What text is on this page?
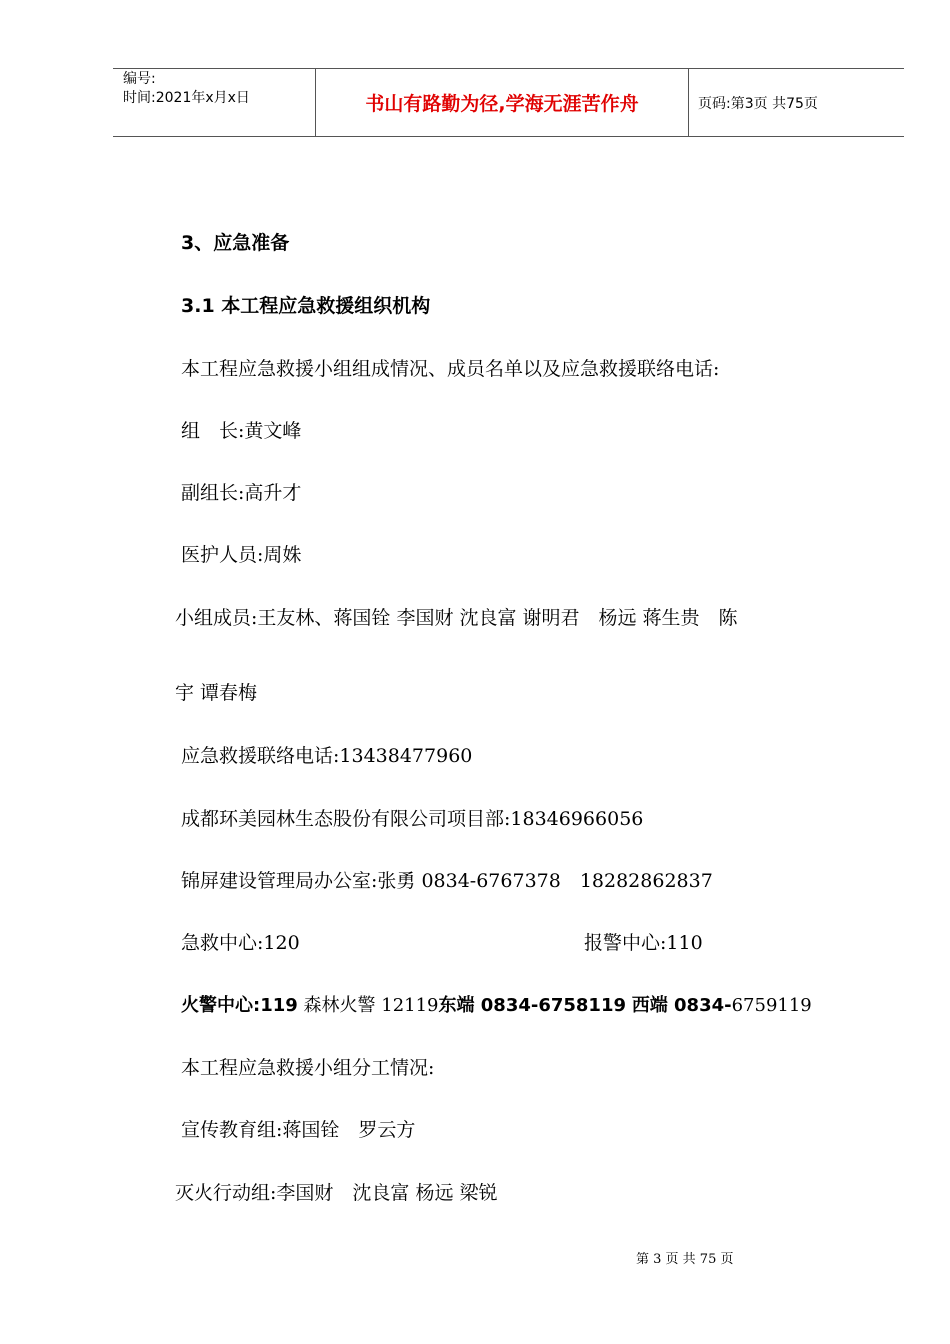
编号:
时间:2021年x月x日	书山有路勤为径,学海无涯苦作舟	页码:第3页 共75页
3、应急准备
3.1 本工程应急救援组织机构
本工程应急救援小组组成情况、成员名单以及应急救援联络电话:
组　长:黄文峰
副组长:高升才
医护人员:周姝
小组成员:王友林、蒋国铨 李国财 沈良富 谢明君　杨远 蒋生贵　陈
宇 谭春梅
应急救援联络电话:13438477960
成都环美园林生态股份有限公司项目部:18346966056
锦屏建设管理局办公室:张勇 0834-6767378　18282862837
急救中心:120	报警中心:110
火警中心:119 森林火警 12119东端 0834-6758119 西端 0834-6759119
本工程应急救援小组分工情况:
宣传教育组:蒋国铨　罗云方
灭火行动组:李国财　沈良富 杨远 梁锐
第 3 页 共 75 页
